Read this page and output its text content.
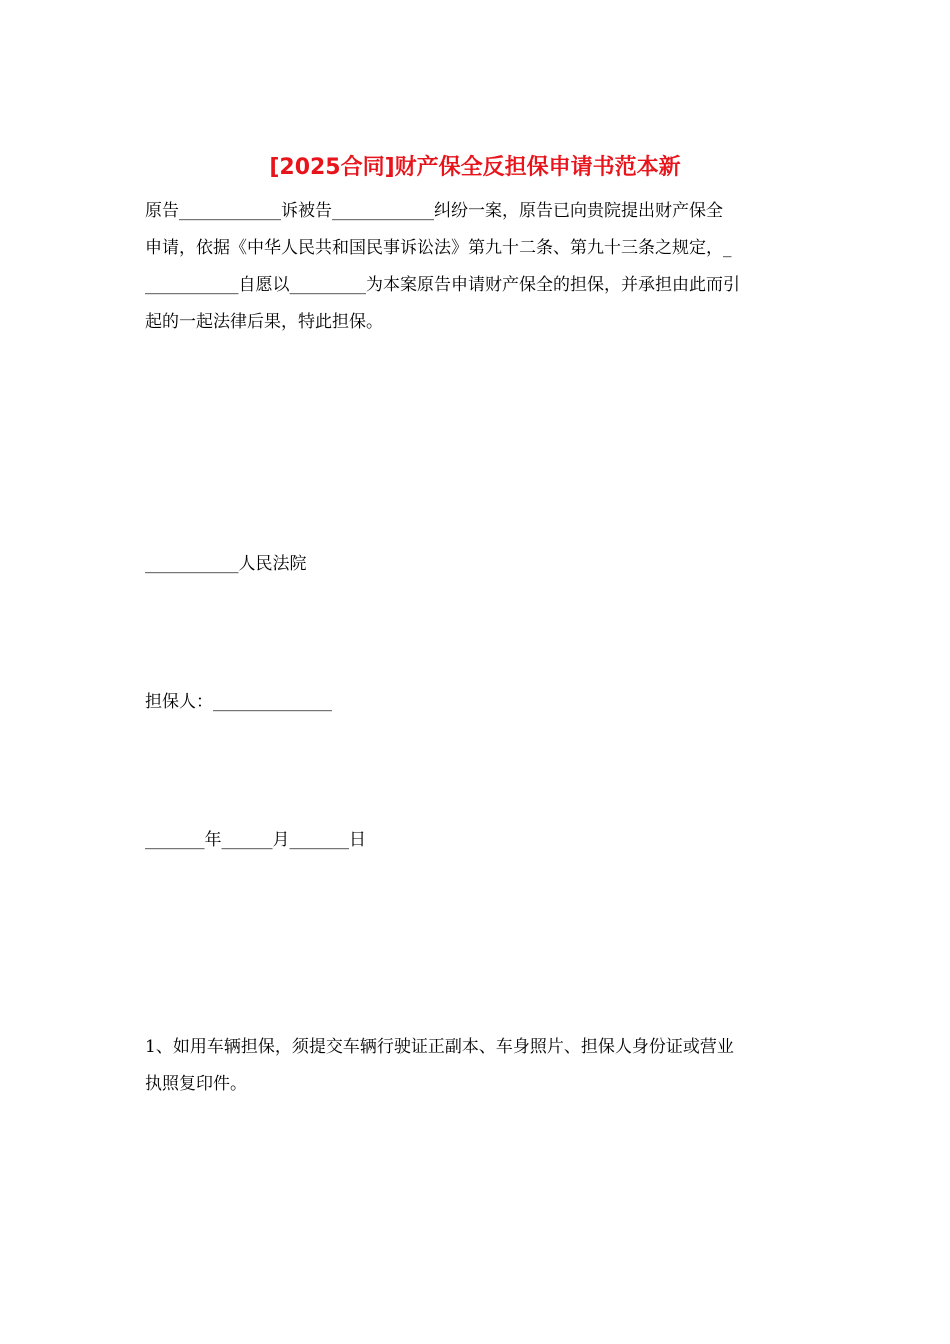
[2025合同]财产保全反担保申请书范本新
原告____________诉被告____________纠纷一案，原告已向贵院提出财产保全
申请，依据《中华人民共和国民事诉讼法》第九十二条、第九十三条之规定，_
___________自愿以_________为本案原告申请财产保全的担保，并承担由此而引
起的一起法律后果，特此担保。
___________人民法院
担保人：______________
_______年______月_______日
1、如用车辆担保，须提交车辆行驶证正副本、车身照片、担保人身份证或营业
执照复印件。
